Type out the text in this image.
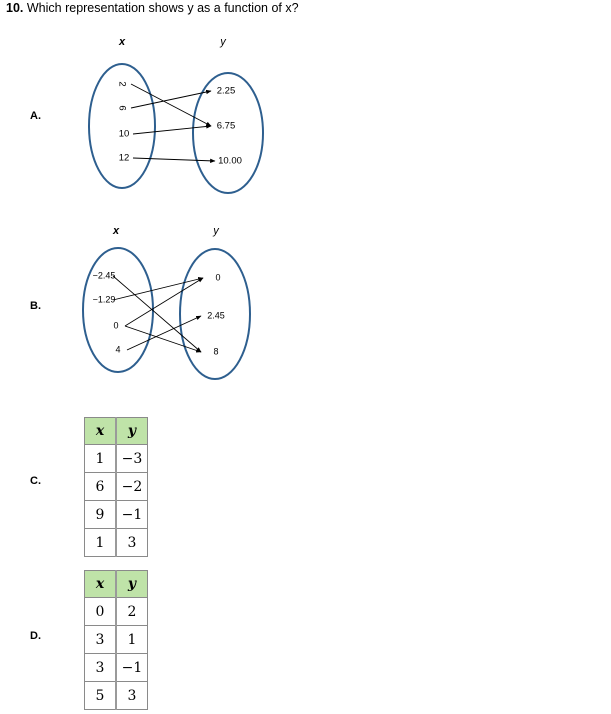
10. Which representation shows y as a function of x?
A.
x	y
2
6
10
12
2.25
6.75
10.00
B.
x	y
−2.45
−1.29
0
4
0
2.45
8
C.
x	y
1	−3
6	−2
9	−1
1	3
D.
x	y
0	2
3	1
3	−1
5	3
